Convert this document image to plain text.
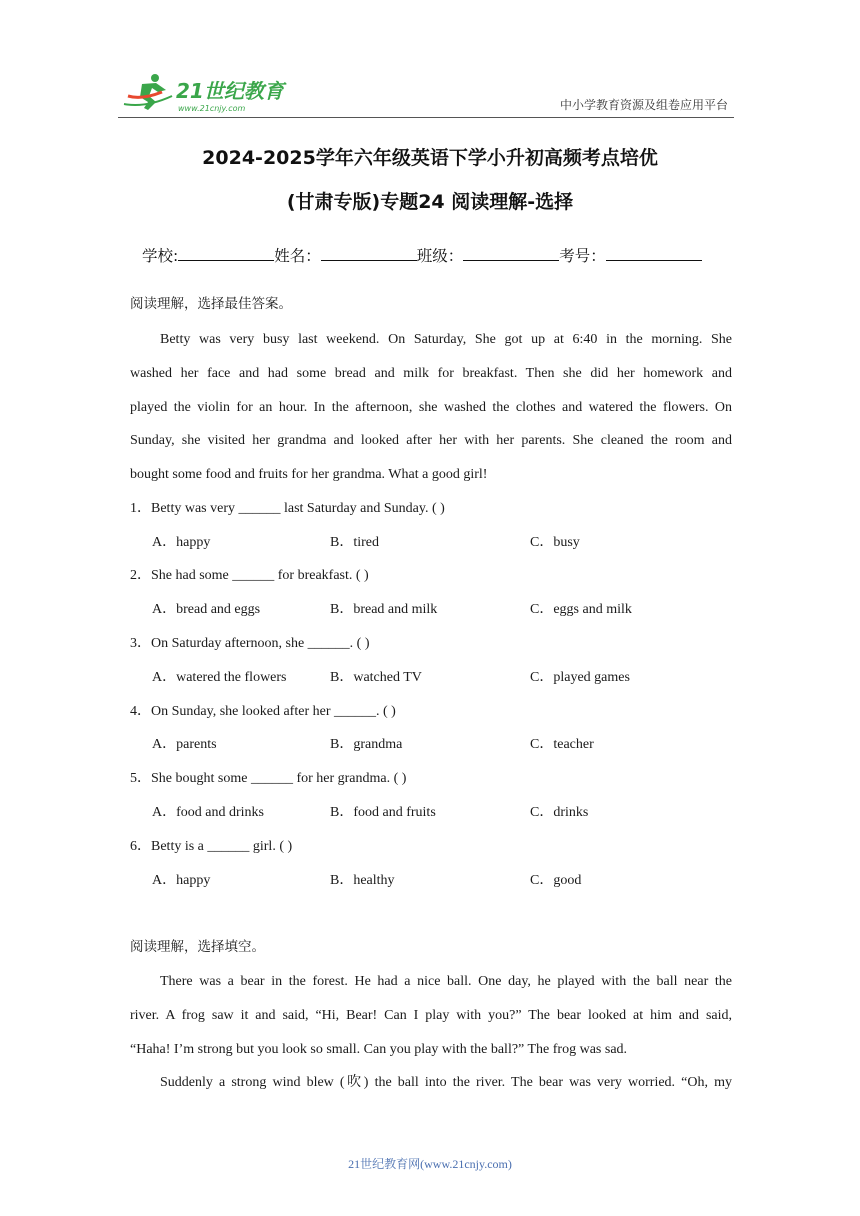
21世纪教育
www.21cnjy.com	中小学教育资源及组卷应用平台
2024-2025学年六年级英语下学小升初高频考点培优
(甘肃专版)专题24 阅读理解-选择
学校:	姓名：	班级：	考号：
阅读理解，选择最佳答案。
Betty was very busy last weekend. On Saturday, She got up at 6:40 in the morning. She
washed her face and had some bread and milk for breakfast. Then she did her homework and
played the violin for an hour. In the afternoon, she washed the clothes and watered the flowers. On
Sunday, she visited her grandma and looked after her with her parents. She cleaned the room and
bought some food and fruits for her grandma. What a good girl!
1．Betty was very ______ last Saturday and Sunday. ( )
A．happy	B．tired	C．busy
2．She had some ______ for breakfast. ( )
A．bread and eggs	B．bread and milk	C．eggs and milk
3．On Saturday afternoon, she ______. ( )
A．watered the flowers	B．watched TV	C．played games
4．On Sunday, she looked after her ______. ( )
A．parents	B．grandma	C．teacher
5．She bought some ______ for her grandma. ( )
A．food and drinks	B．food and fruits	C．drinks
6．Betty is a ______ girl. ( )
A．happy	B．healthy	C．good
阅读理解，选择填空。
There was a bear in the forest. He had a nice ball. One day, he played with the ball near the
river. A frog saw it and said, “Hi, Bear! Can I play with you?” The bear looked at him and said,
“Haha! I’m strong but you look so small. Can you play with the ball?” The frog was sad.
Suddenly a strong wind blew (吹) the ball into the river. The bear was very worried. “Oh, my
21世纪教育网(www.21cnjy.com)
